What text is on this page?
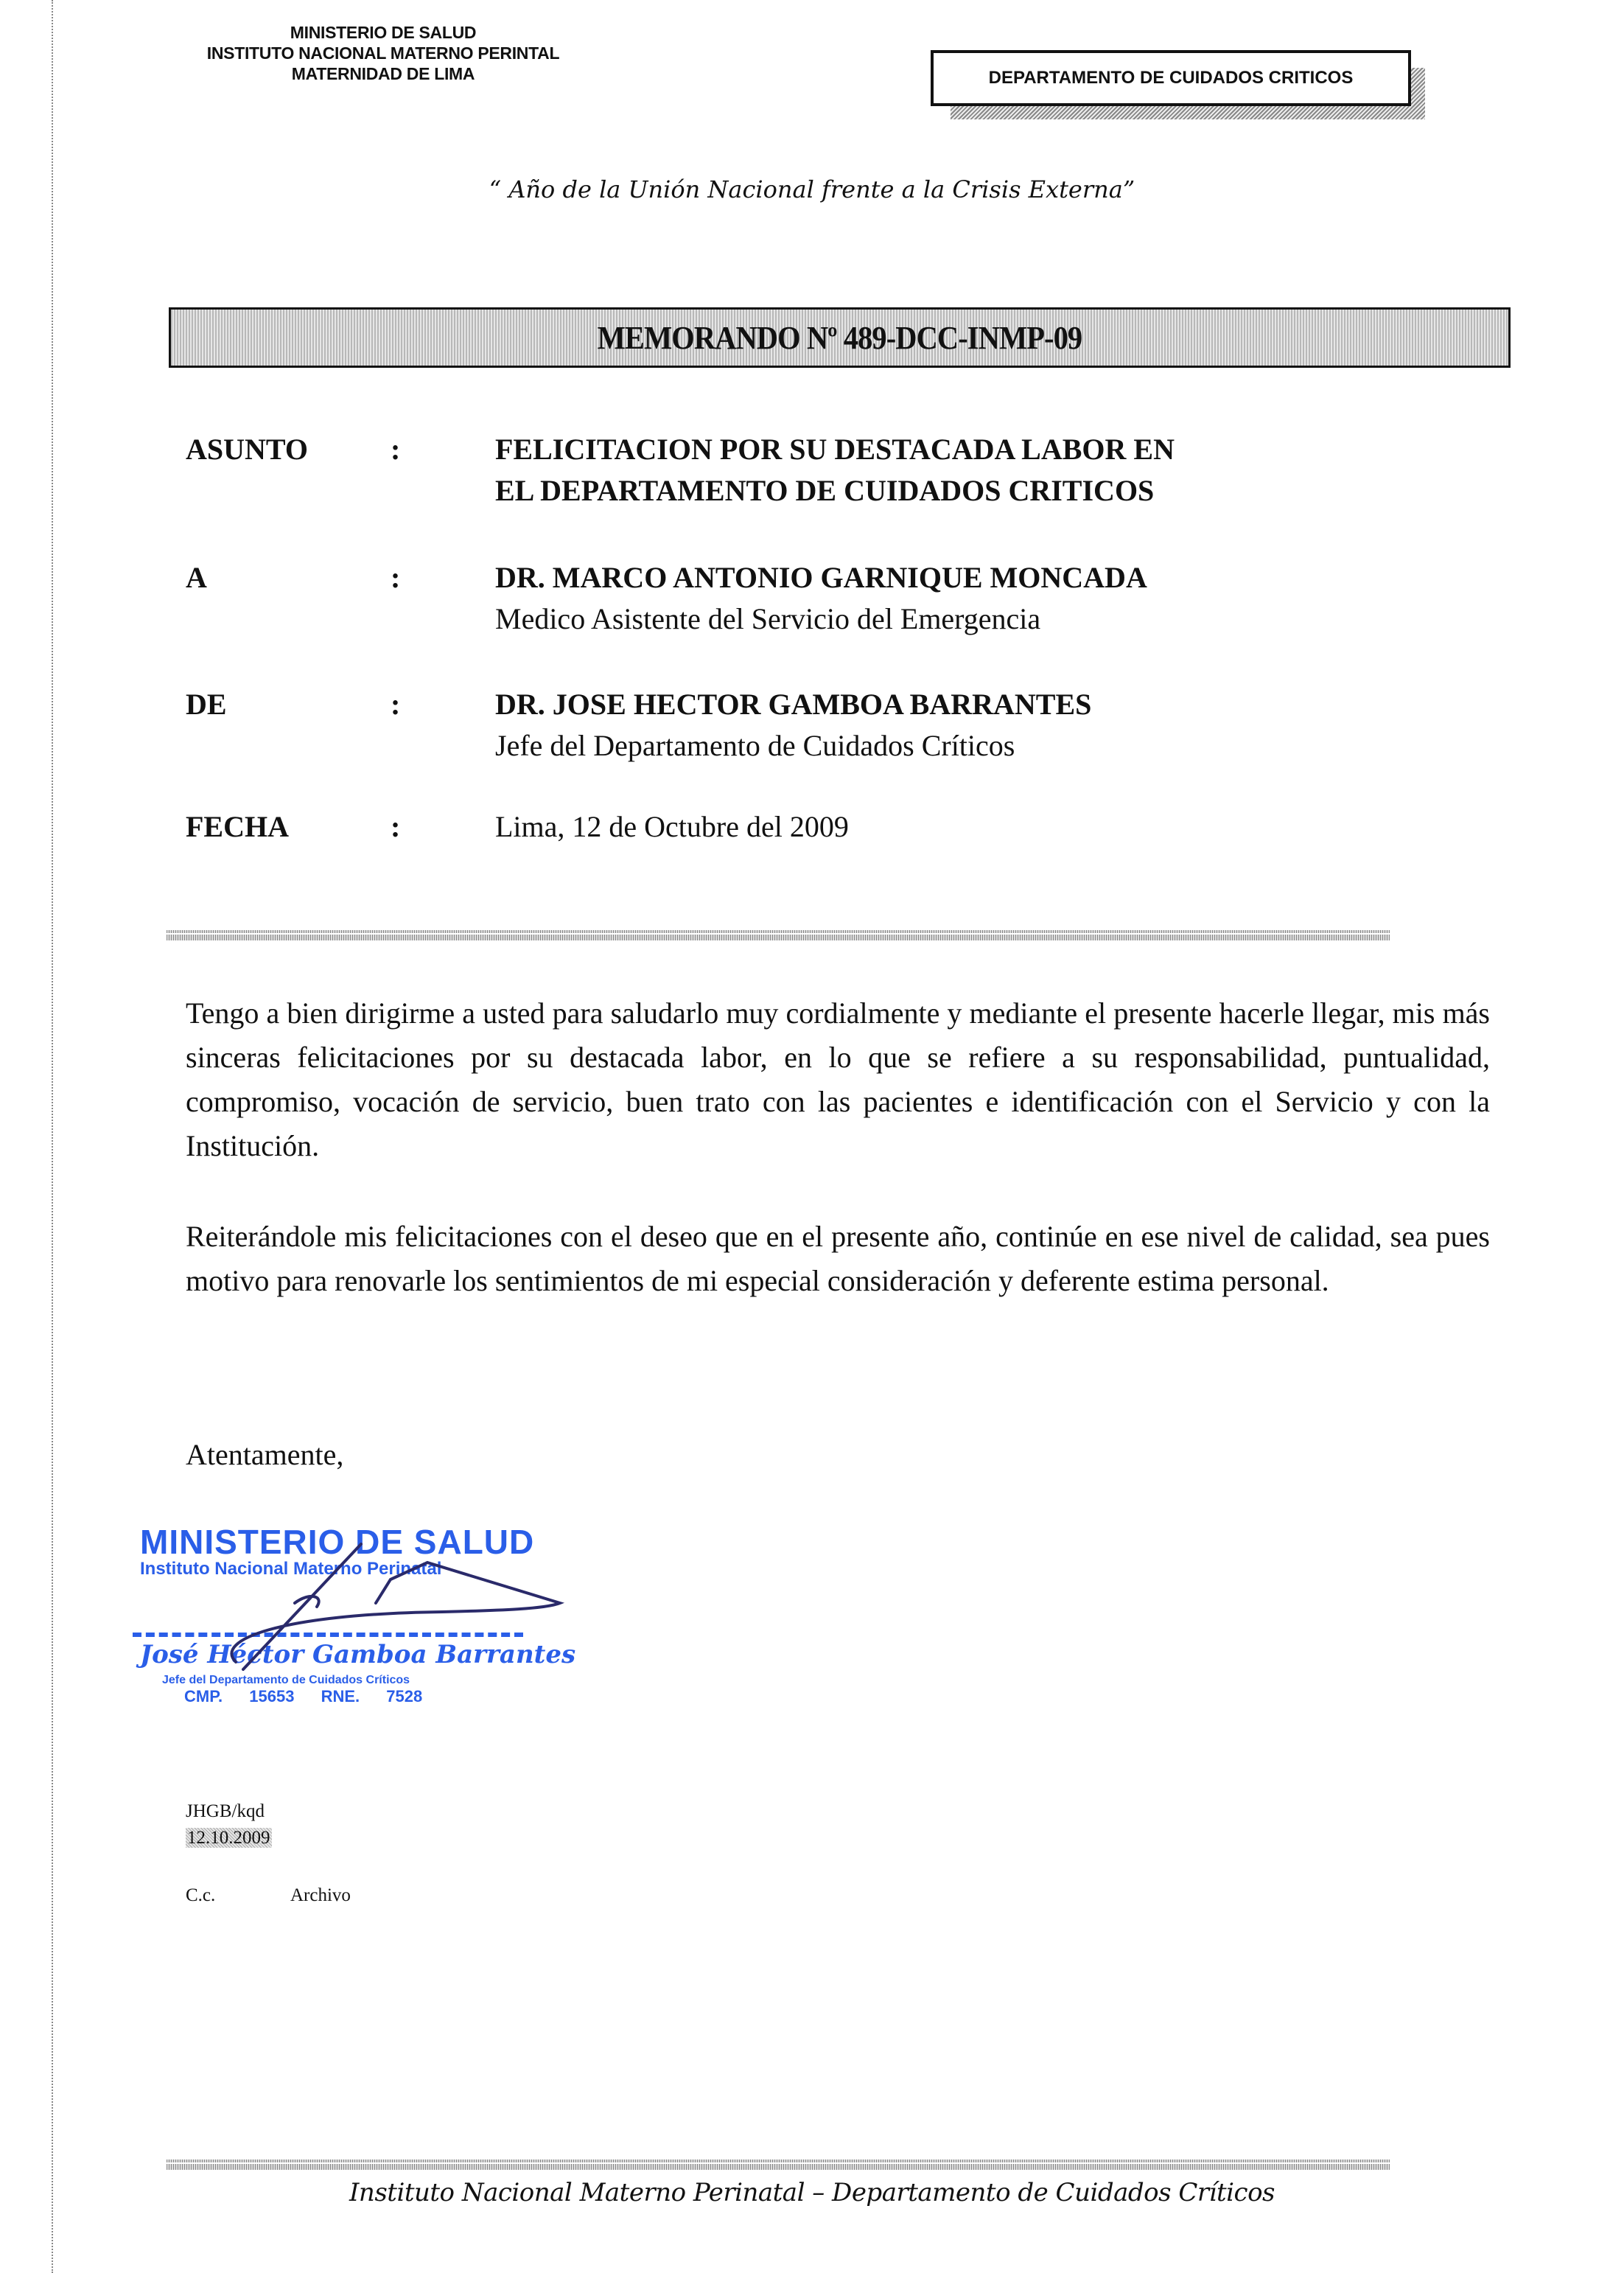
MINISTERIO DE SALUD
INSTITUTO NACIONAL MATERNO PERINTAL
MATERNIDAD DE LIMA	DEPARTAMENTO DE CUIDADOS CRITICOS
“ Año de la Unión Nacional frente a la Crisis Externa”
MEMORANDO Nº 489-DCC-INMP-09
ASUNTO	:	FELICITACION POR SU DESTACADA LABOR EN
EL DEPARTAMENTO DE CUIDADOS CRITICOS
A	:	DR. MARCO ANTONIO GARNIQUE MONCADA
Medico Asistente del Servicio del Emergencia
DE	:	DR. JOSE HECTOR GAMBOA BARRANTES
Jefe del Departamento de Cuidados Críticos
FECHA	:	Lima, 12 de Octubre del 2009
Tengo a bien dirigirme a usted para saludarlo muy cordialmente y mediante el presente hacerle llegar, mis más sinceras felicitaciones por su destacada labor, en lo que se refiere a su responsabilidad, puntualidad, compromiso, vocación de servicio, buen trato con las pacientes e identificación con el Servicio y con la Institución.
Reiterándole mis felicitaciones con el deseo que en el presente año, continúe en ese nivel de calidad, sea pues motivo para renovarle los sentimientos de mi especial consideración y deferente estima personal.
Atentamente,
MINISTERIO DE SALUD
Instituto Nacional Materno Perinatal
José Héctor Gamboa Barrantes
Jefe del Departamento de Cuidados Críticos
CMP. 15653 RNE. 7528
JHGB/kqd
12.10.2009
C.c.	Archivo
Instituto Nacional Materno Perinatal – Departamento de Cuidados Críticos
